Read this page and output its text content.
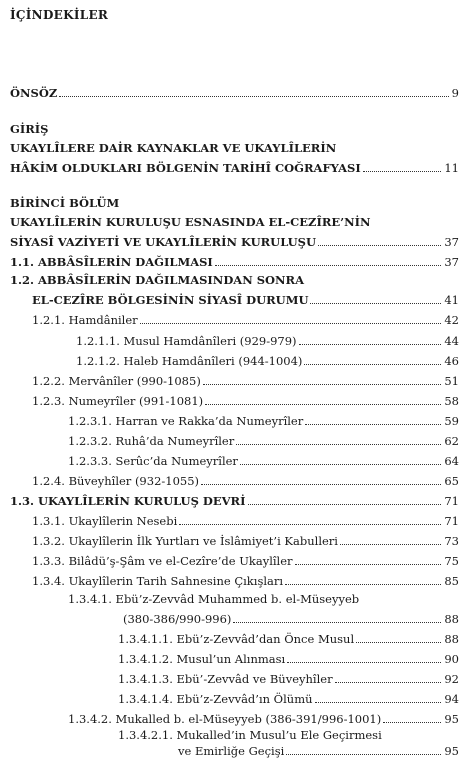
İÇİNDEKİLER
ÖNSÖZ	9
GİRİŞ
UKAYLÎLERE DAİR KAYNAKLAR VE UKAYLÎLERİN
HÂKİM OLDUKLARI BÖLGENİN TARİHÎ COĞRAFYASI	11
BİRİNCİ BÖLÜM
UKAYLÎLERİN KURULUŞU ESNASINDA EL-CEZÎRE’NİN
SİYASÎ VAZİYETİ VE UKAYLÎLERİN KURULUŞU	37
1.1. ABBÂSÎLERİN DAĞILMASI	37
1.2. ABBÂSÎLERİN DAĞILMASINDAN SONRA
EL-CEZÎRE BÖLGESİNİN SİYASÎ DURUMU	41
1.2.1. Hamdâniler	42
1.2.1.1. Musul Hamdânîleri (929-979)	44
1.2.1.2. Haleb Hamdânîleri (944-1004)	46
1.2.2. Mervânîler (990-1085)	51
1.2.3. Numeyrîler (991-1081)	58
1.2.3.1. Harran ve Rakka’da Numeyrîler	59
1.2.3.2. Ruhâ’da Numeyrîler	62
1.2.3.3. Serûc’da Numeyrîler	64
1.2.4. Büveyhîler (932-1055)	65
1.3. UKAYLÎLERİN KURULUŞ DEVRİ	71
1.3.1. Ukaylîlerin Nesebi	71
1.3.2. Ukaylîlerin İlk Yurtları ve İslâmiyet’i Kabulleri	73
1.3.3. Bilâdü’ş-Şâm ve el-Cezîre’de Ukaylîler	75
1.3.4. Ukaylîlerin Tarih Sahnesine Çıkışları	85
1.3.4.1. Ebü’z-Zevvâd Muhammed b. el-Müseyyeb
(380-386/990-996)	88
1.3.4.1.1. Ebü’z-Zevvâd’dan Önce Musul	88
1.3.4.1.2. Musul’un Alınması	90
1.3.4.1.3. Ebü’-Zevvâd ve Büveyhîler	92
1.3.4.1.4. Ebü’z-Zevvâd’ın Ölümü	94
1.3.4.2. Mukalled b. el-Müseyyeb (386-391/996-1001)	95
1.3.4.2.1. Mukalled’in Musul’u Ele Geçirmesi
ve Emirliğe Geçişi	95
